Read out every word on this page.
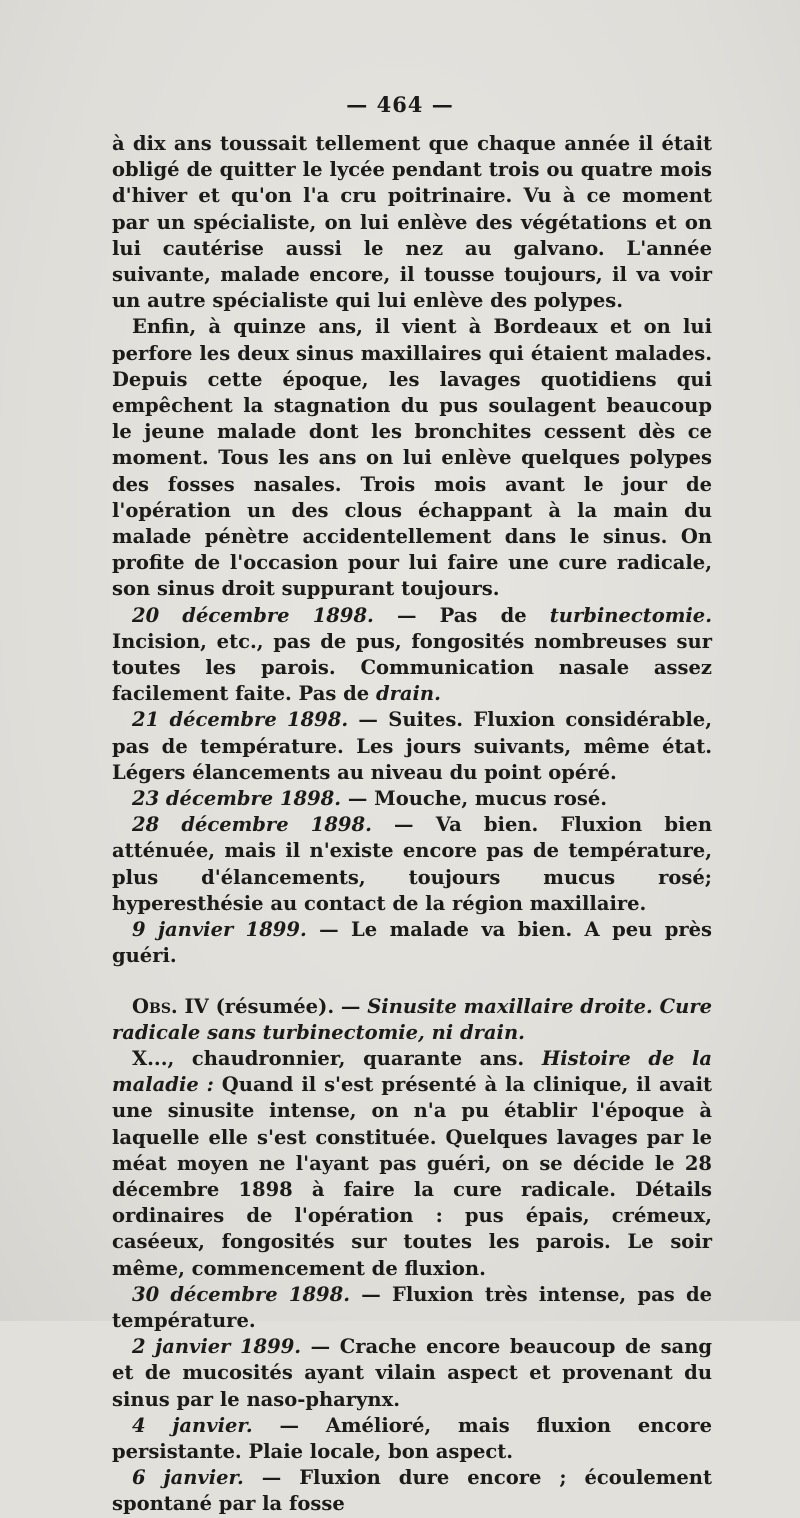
— 464 —

à dix ans toussait tellement que chaque année il était obligé de quitter le lycée pendant trois ou quatre mois d'hiver et qu'on l'a cru poitrinaire. Vu à ce moment par un spécialiste, on lui enlève des végétations et on lui cautérise aussi le nez au galvano. L'année suivante, malade encore, il tousse toujours, il va voir un autre spécialiste qui lui enlève des polypes.

Enfin, à quinze ans, il vient à Bordeaux et on lui perfore les deux sinus maxillaires qui étaient malades. Depuis cette époque, les lavages quotidiens qui empêchent la stagnation du pus soulagent beaucoup le jeune malade dont les bronchites cessent dès ce moment. Tous les ans on lui enlève quelques polypes des fosses nasales. Trois mois avant le jour de l'opération un des clous échappant à la main du malade pénètre accidentellement dans le sinus. On profite de l'occasion pour lui faire une cure radicale, son sinus droit suppurant toujours.

20 décembre 1898. — Pas de turbinectomie. Incision, etc., pas de pus, fongosités nombreuses sur toutes les parois. Communication nasale assez facilement faite. Pas de drain.

21 décembre 1898. — Suites. Fluxion considérable, pas de température. Les jours suivants, même état. Légers élancements au niveau du point opéré.

23 décembre 1898. — Mouche, mucus rosé.

28 décembre 1898. — Va bien. Fluxion bien atténuée, mais il n'existe encore pas de température, plus d'élancements, toujours mucus rosé; hyperesthésie au contact de la région maxillaire.

9 janvier 1899. — Le malade va bien. A peu près guéri.

Obs. IV (résumée). — Sinusite maxillaire droite. Cure radicale sans turbinectomie, ni drain.

X..., chaudronnier, quarante ans. Histoire de la maladie : Quand il s'est présenté à la clinique, il avait une sinusite intense, on n'a pu établir l'époque à laquelle elle s'est constituée. Quelques lavages par le méat moyen ne l'ayant pas guéri, on se décide le 28 décembre 1898 à faire la cure radicale. Détails ordinaires de l'opération : pus épais, crémeux, caséeux, fongosités sur toutes les parois. Le soir même, commencement de fluxion.

30 décembre 1898. — Fluxion très intense, pas de température.

2 janvier 1899. — Crache encore beaucoup de sang et de mucosités ayant vilain aspect et provenant du sinus par le naso-pharynx.

4 janvier. — Amélioré, mais fluxion encore persistante. Plaie locale, bon aspect.

6 janvier. — Fluxion dure encore ; écoulement spontané par la fosse
